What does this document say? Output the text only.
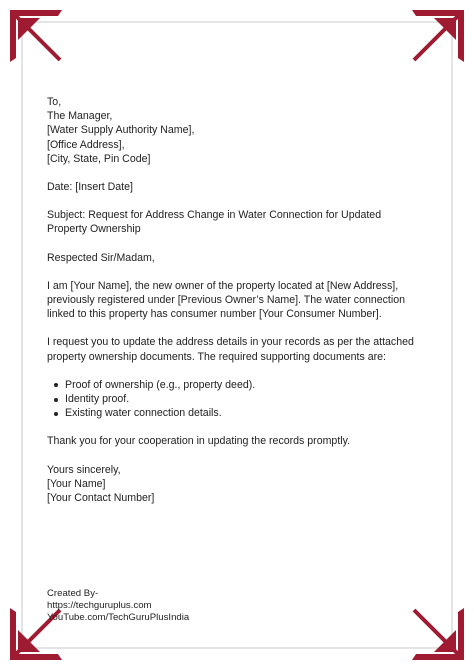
To,
The Manager,
[Water Supply Authority Name],
[Office Address],
[City, State, Pin Code]
Date: [Insert Date]
Subject: Request for Address Change in Water Connection for Updated
Property Ownership
Respected Sir/Madam,
I am [Your Name], the new owner of the property located at [New Address],
previously registered under [Previous Owner’s Name]. The water connection
linked to this property has consumer number [Your Consumer Number].
I request you to update the address details in your records as per the attached
property ownership documents. The required supporting documents are:
Proof of ownership (e.g., property deed).
Identity proof.
Existing water connection details.
Thank you for your cooperation in updating the records promptly.
Yours sincerely,
[Your Name]
[Your Contact Number]
Created By-
https://techguruplus.com
YouTube.com/TechGuruPlusIndia
